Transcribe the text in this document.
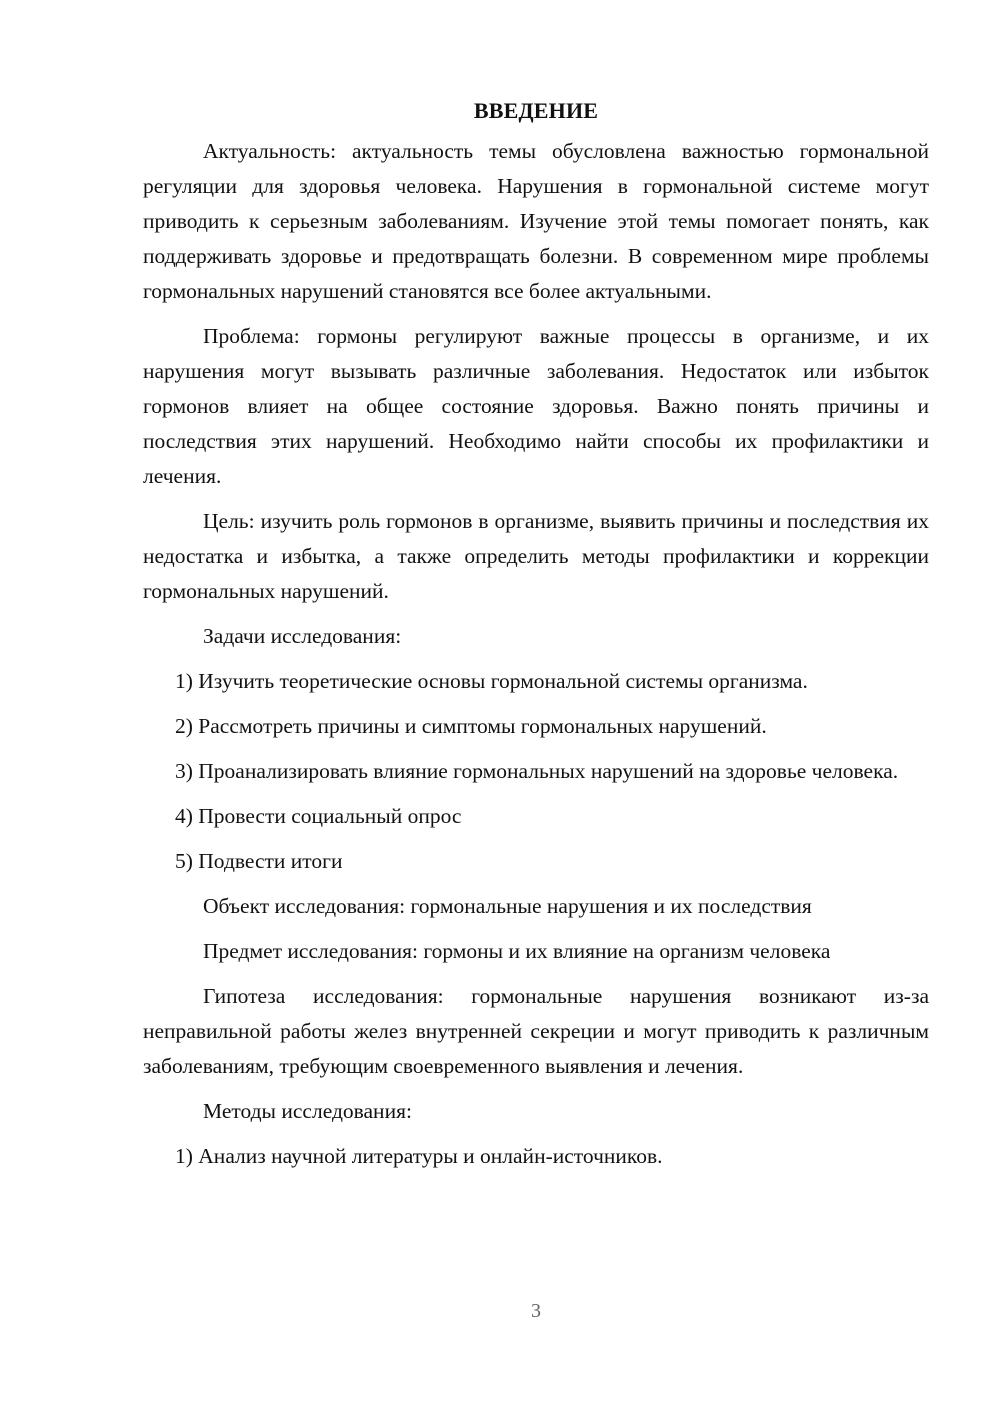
ВВЕДЕНИЕ

Актуальность: актуальность темы обусловлена важностью гормональной регуляции для здоровья человека. Нарушения в гормональной системе могут приводить к серьезным заболеваниям. Изучение этой темы помогает понять, как поддерживать здоровье и предотвращать болезни. В современном мире проблемы гормональных нарушений становятся все более актуальными.

Проблема: гормоны регулируют важные процессы в организме, и их нарушения могут вызывать различные заболевания. Недостаток или избыток гормонов влияет на общее состояние здоровья. Важно понять причины и последствия этих нарушений. Необходимо найти способы их профилактики и лечения.

Цель: изучить роль гормонов в организме, выявить причины и последствия их недостатка и избытка, а также определить методы профилактики и коррекции гормональных нарушений.

Задачи исследования:

1) Изучить теоретические основы гормональной системы организма.

2) Рассмотреть причины и симптомы гормональных нарушений.

3) Проанализировать влияние гормональных нарушений на здоровье человека.

4) Провести социальный опрос

5) Подвести итоги

Объект исследования: гормональные нарушения и их последствия

Предмет исследования: гормоны и их влияние на организм человека

Гипотеза исследования: гормональные нарушения возникают из-за неправильной работы желез внутренней секреции и могут приводить к различным заболеваниям, требующим своевременного выявления и лечения.

Методы исследования:

1) Анализ научной литературы и онлайн-источников.

3
